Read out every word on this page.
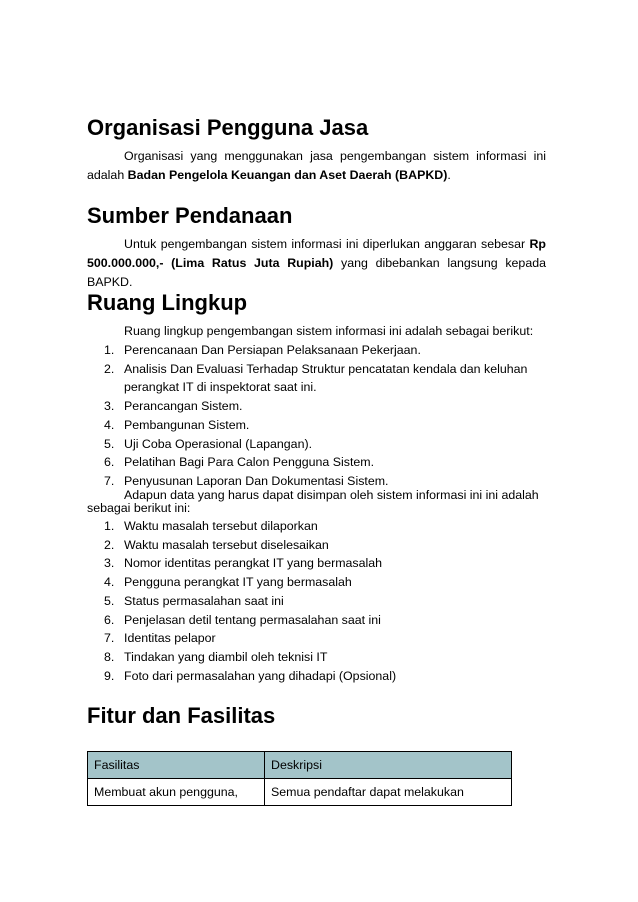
Organisasi Pengguna Jasa

Organisasi yang menggunakan jasa pengembangan sistem informasi ini adalah Badan Pengelola Keuangan dan Aset Daerah (BAPKD).

Sumber Pendanaan

Untuk pengembangan sistem informasi ini diperlukan anggaran sebesar Rp 500.000.000,- (Lima Ratus Juta Rupiah) yang dibebankan langsung kepada BAPKD.

Ruang Lingkup
Ruang lingkup pengembangan sistem informasi ini adalah sebagai berikut:
1. Perencanaan Dan Persiapan Pelaksanaan Pekerjaan.
2. Analisis Dan Evaluasi Terhadap Struktur pencatatan kendala dan keluhan perangkat IT di inspektorat saat ini.
3. Perancangan Sistem.
4. Pembangunan Sistem.
5. Uji Coba Operasional (Lapangan).
6. Pelatihan Bagi Para Calon Pengguna Sistem.
7. Penyusunan Laporan Dan Dokumentasi Sistem.
Adapun data yang harus dapat disimpan oleh sistem informasi ini ini adalah
sebagai berikut ini:
1. Waktu masalah tersebut dilaporkan
2. Waktu masalah tersebut diselesaikan
3. Nomor identitas perangkat IT yang bermasalah
4. Pengguna perangkat IT yang bermasalah
5. Status permasalahan saat ini
6. Penjelasan detil tentang permasalahan saat ini
7. Identitas pelapor
8. Tindakan yang diambil oleh teknisi IT
9. Foto dari permasalahan yang dihadapi (Opsional)
Fitur dan Fasilitas
Fasilitas	Deskripsi
Membuat akun pengguna,	Semua pendaftar dapat melakukan
